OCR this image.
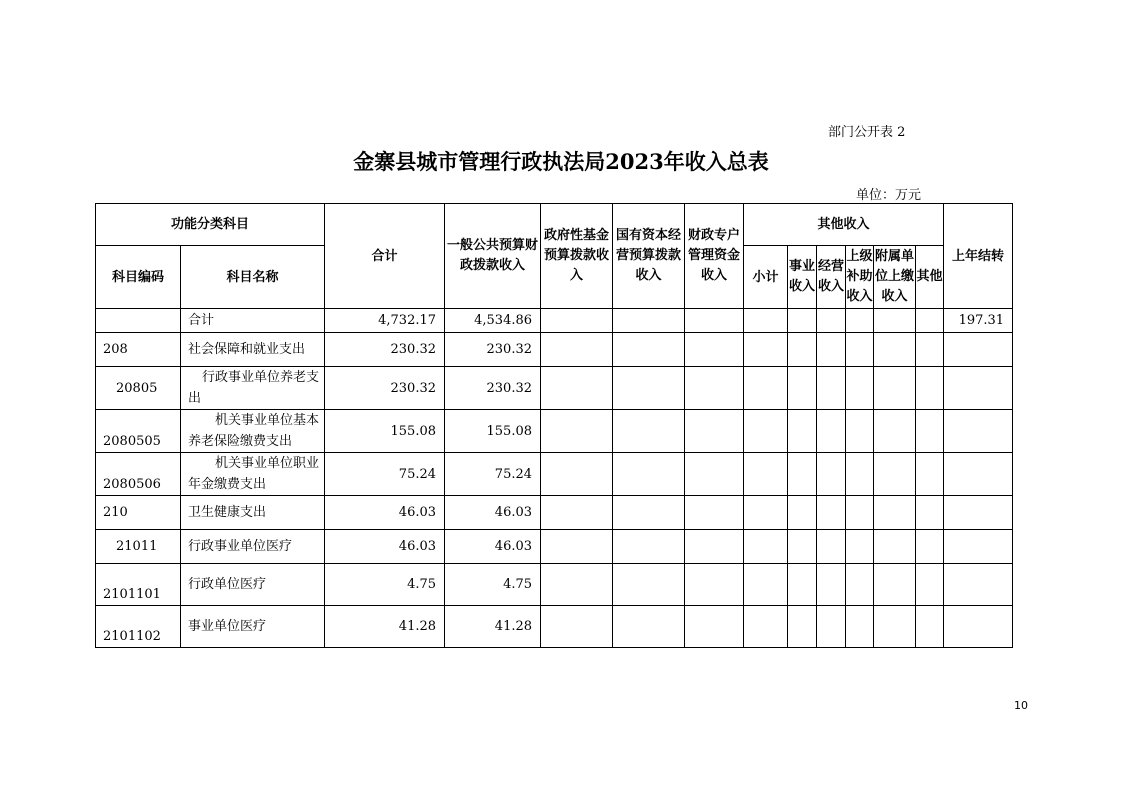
部门公开表 2
金寨县城市管理行政执法局2023年收入总表
单位：万元
功能分类科目		合计	一般公共预算财政拨款收入	政府性基金预算拨款收入	国有资本经营预算拨款收入	财政专户管理资金收入	其他收入						上年结转
科目编码	科目名称						小计	事业收入	经营收入	上级补助收入	附属单位上缴收入	其他	
	合计	4,732.17	4,534.86										197.31
208	社会保障和就业支出	230.32	230.32										
20805	行政事业单位养老支出	230.32	230.32										
2080505	机关事业单位基本养老保险缴费支出	155.08	155.08										
2080506	机关事业单位职业年金缴费支出	75.24	75.24										
210	卫生健康支出	46.03	46.03										
21011	行政事业单位医疗	46.03	46.03										
2101101	行政单位医疗	4.75	4.75										
2101102	事业单位医疗	41.28	41.28										
10
